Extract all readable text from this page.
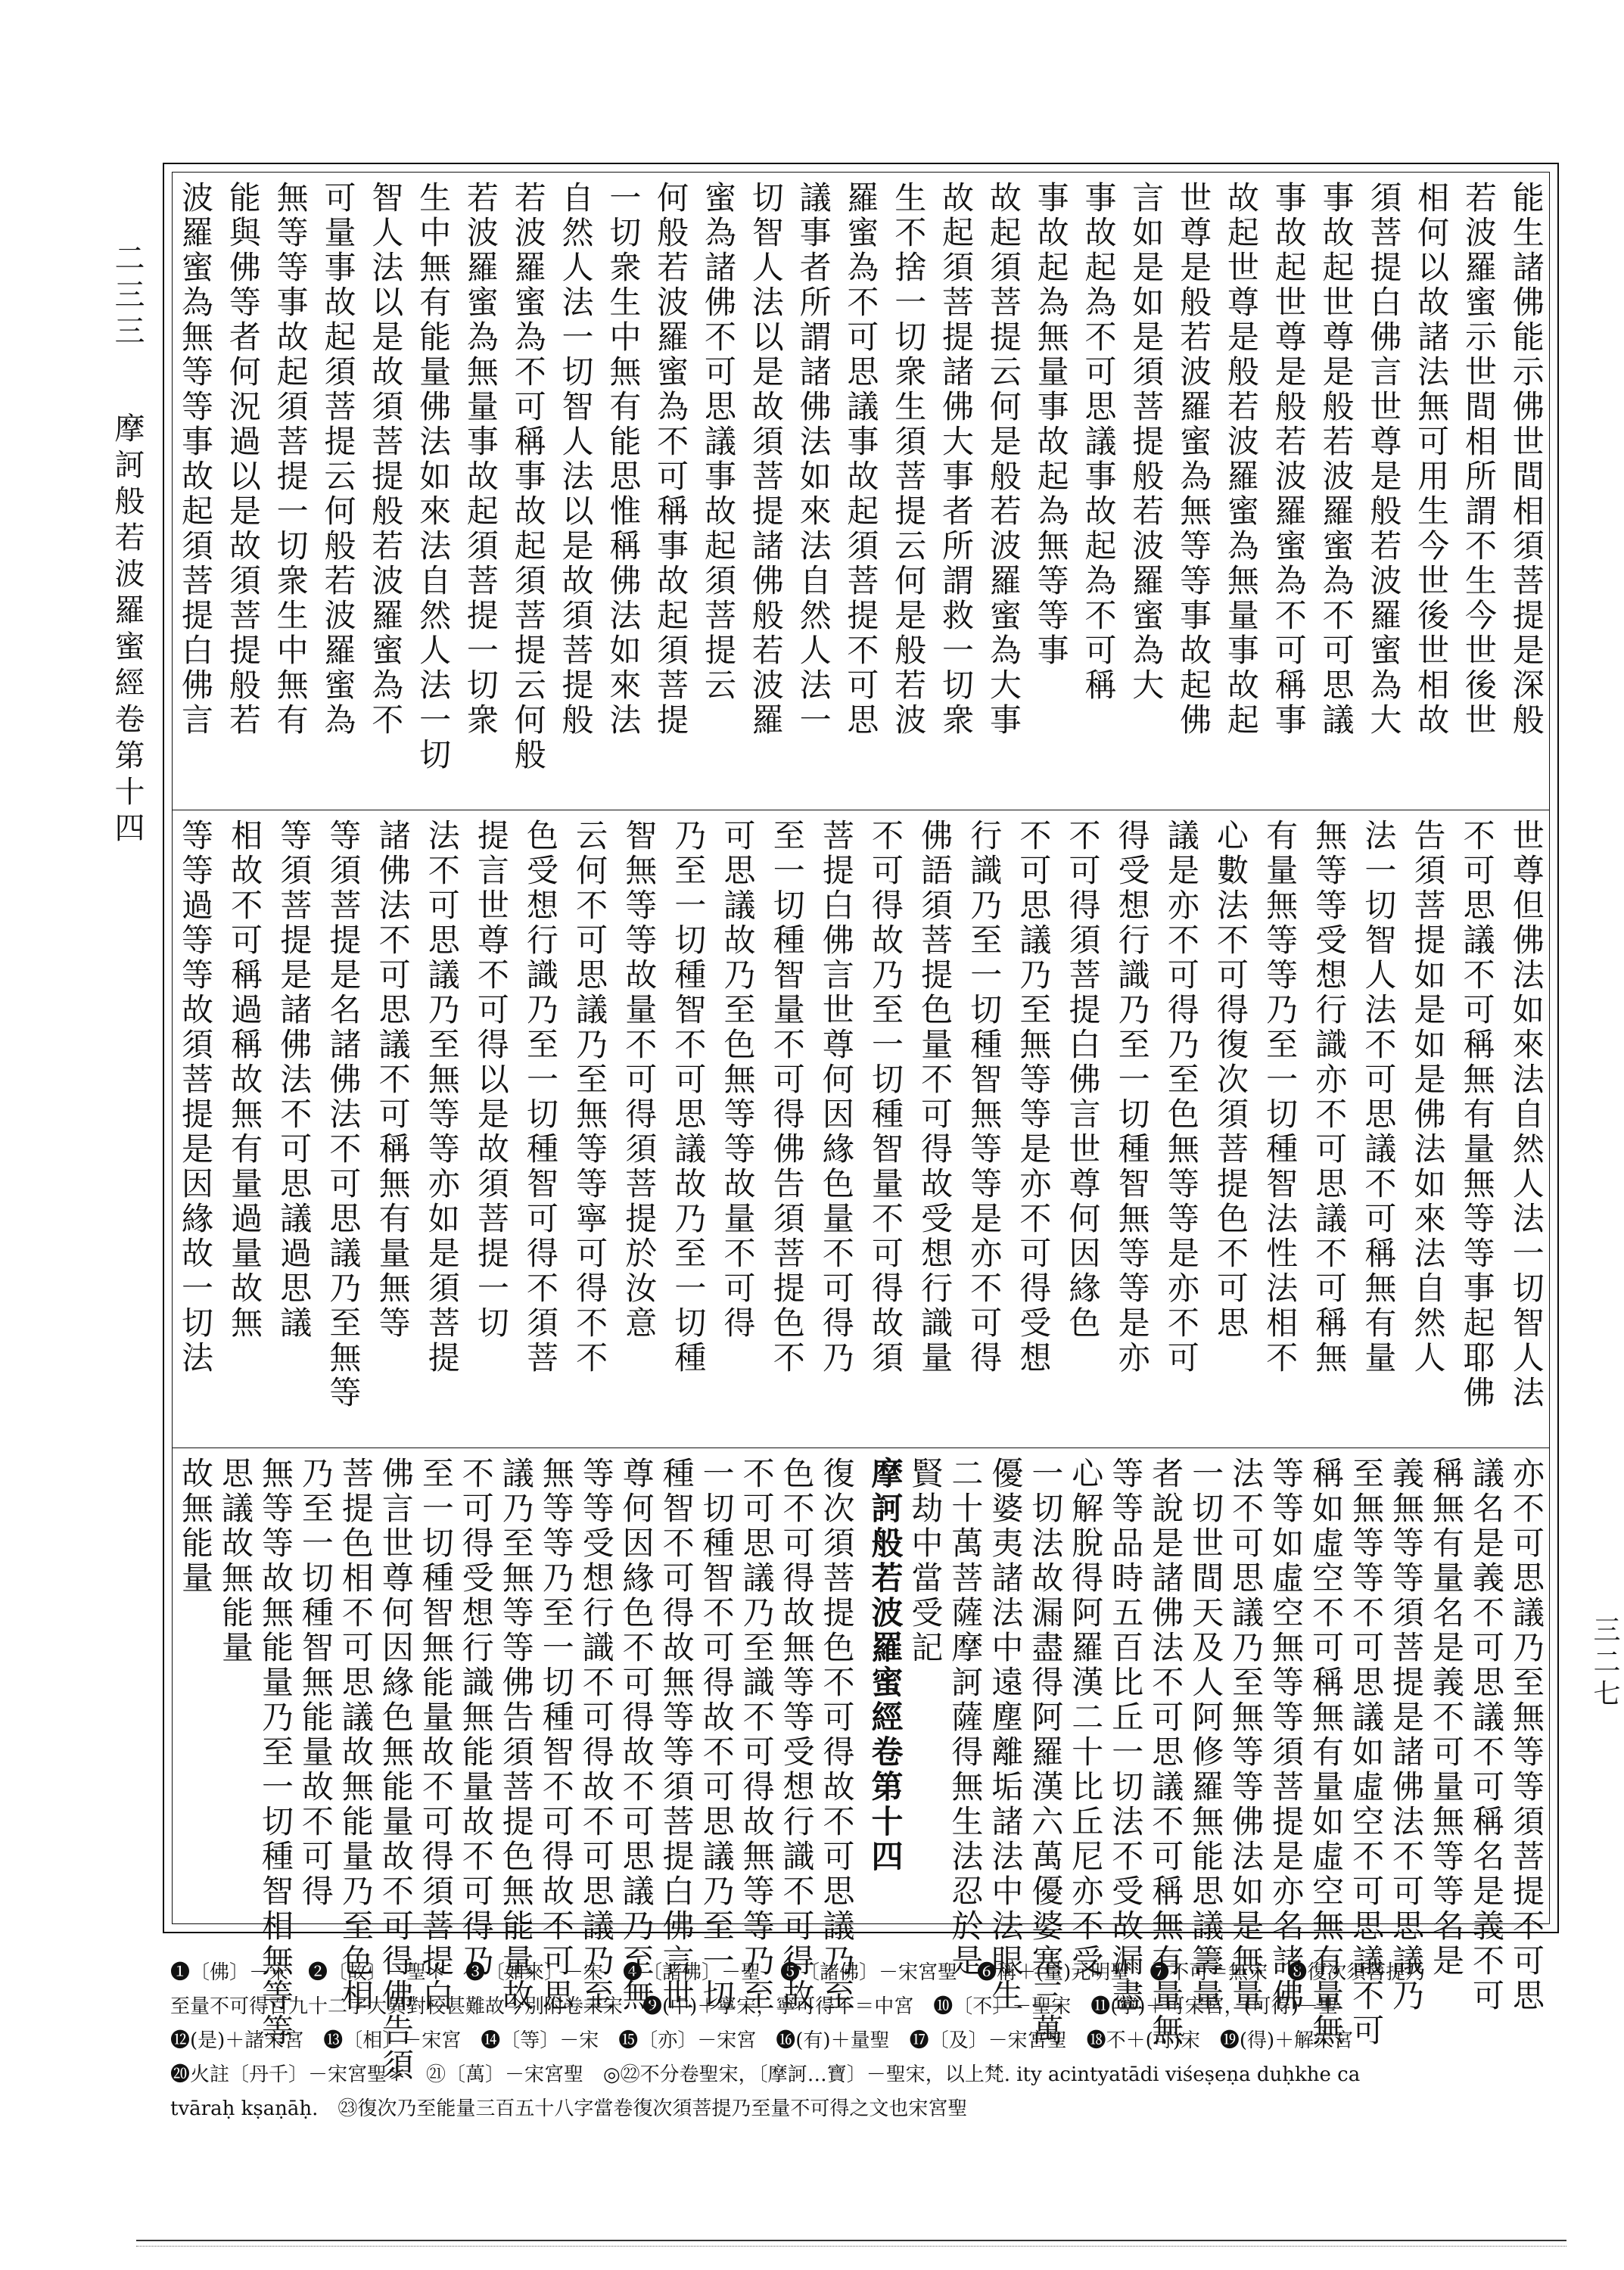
二三三 摩訶般若波羅蜜經卷第十四	能生諸佛能示佛世間相須菩提是深般
若波羅蜜示世間相所謂不生今世後世
相何以故諸法無可用生今世後世相故
須菩提白佛言世尊是般若波羅蜜為大
事故起世尊是般若波羅蜜為不可思議
事故起世尊是般若波羅蜜為不可稱事
故起世尊是般若波羅蜜為無量事故起
世尊是般若波羅蜜為無等等事故起佛
言如是如是須菩提般若波羅蜜為大
事故起為不可思議事故起為不可稱
事故起為無量事故起為無等等事
故起須菩提云何是般若波羅蜜為大事
故起須菩提諸佛大事者所謂救一切衆
生不捨一切衆生須菩提云何是般若波
羅蜜為不可思議事故起須菩提不可思
議事者所謂諸佛法如來法自然人法一
切智人法以是故須菩提諸佛般若波羅
蜜為諸佛不可思議事故起須菩提云
何般若波羅蜜為不可稱事故起須菩提
一切衆生中無有能思惟稱佛法如來法
自然人法一切智人法以是故須菩提般
若波羅蜜為不可稱事故起須菩提云何般
若波羅蜜為無量事故起須菩提一切衆
生中無有能量佛法如來法自然人法一切
智人法以是故須菩提般若波羅蜜為不
可量事故起須菩提云何般若波羅蜜為
無等等事故起須菩提一切衆生中無有
能與佛等者何況過以是故須菩提般若
波羅蜜為無等等事故起須菩提白佛言
世尊但佛法如來法自然人法一切智人法
不可思議不可稱無有量無等等事起耶佛
告須菩提如是如是佛法如來法自然人
法一切智人法不可思議不可稱無有量
無等等受想行識亦不可思議不可稱無
有量無等等乃至一切種智法性法相不
心數法不可得復次須菩提色不可思
議是亦不可得乃至色無等等是亦不可
得受想行識乃至一切種智無等等是亦
不可得須菩提白佛言世尊何因緣色
不可思議乃至無等等是亦不可得受想
行識乃至一切種智無等等是亦不可得
佛語須菩提色量不可得故受想行識量
不可得故乃至一切種智量不可得故須
菩提白佛言世尊何因緣色量不可得乃
至一切種智量不可得佛告須菩提色不
可思議故乃至色無等等故量不可得
乃至一切種智不可思議故乃至一切種
智無等等故量不可得須菩提於汝意
云何不可思議乃至無等等寧可得不不
色受想行識乃至一切種智可得不須菩
提言世尊不可得以是故須菩提一切
法不可思議乃至無等等亦如是須菩提
諸佛法不可思議不可稱無有量無等
等須菩提是名諸佛法不可思議乃至無等
等須菩提是諸佛法不可思議過思議
相故不可稱過稱故無有量過量故無
等等過等等故須菩提是因緣故一切法
亦不可思議乃至無等等須菩提不可思
議名是義不可思議不可稱名是義不可
稱無有量名是義不可量無等等名是
義無等等須菩提是諸佛法不可思議乃
至無等等不可思議如虛空不可思議不可
稱如虛空不可稱無有量如虛空無有量無
等等如虛空無等等須菩提是亦名諸佛
法不可思議乃至無等等佛法如是無量
一切世間天及人阿修羅無能思議籌量
者說是諸佛法不可思議不可稱無有量無
等等品時五百比丘一切法不受故漏盡
心解脫得阿羅漢二十比丘尼亦不受
一切法故漏盡得阿羅漢六萬優婆塞三萬
優婆夷諸法中遠塵離垢諸法中法眼生
二十萬菩薩摩訶薩得無生法忍於是
賢劫中當受記
摩訶般若波羅蜜經卷第十四
復次須菩提色不可得故不可思議乃至
色不可得故無等等受想行識不可得故
不可思議乃至識不可得故無等等乃至
一切種智不可得故不可思議乃至一切
種智不可得故無等等須菩提白佛言世
尊何因緣色不可得故不可思議乃至無
等等受想行識不可得故不可思議乃至
無等等乃至一切種智不可得故不可思
議乃至無等等佛告須菩提色無能量故
不可得受想行識無能量故不可得乃
至一切種智無能量故不可得須菩提白
佛言世尊何因緣色無能量故不可得佛告須
菩提色相不可思議故無能量乃至色相
乃至一切種智無能量故不可得
無等等故無能量乃至一切種智相無等等
思議故無能量
故無能量
三二七
❶〔佛〕－宋　❷〔故〕－聖＊　❸〔如來〕－宋　❹〔諸佛〕－聖　❺〔諸佛〕－宋宮聖　❻稱＋(量)元明聖　❼不可＝無宋　❽復次須菩提乃
至量不可得百九十二字大異對校甚難故今別附卷末宋　❾(中)＋寧宋，寧可得不＝中宮　❿〔不〕－聖宋　⓫(寧)＋可宋宮，(可得)－聖
⓬(是)＋諸宋宮　⓭〔相〕－宋宮　⓮〔等〕－宋　⓯〔亦〕－宋宮　⓰(有)＋量聖　⓱〔及〕－宋宮聖　⓲不＋(可)宋　⓳(得)＋解宋宮
⓴火註〔丹千〕－宋宮聖＊　㉑〔萬〕－宋宮聖　◎㉒不分卷聖宋，〔摩訶…寶〕－聖宋，以上梵. ity acintyatādi viśeṣeṇa duḥkhe ca
tvāraḥ kṣaṇāḥ.　㉓復次乃至能量三百五十八字當卷復次須菩提乃至量不可得之文也宋宮聖
